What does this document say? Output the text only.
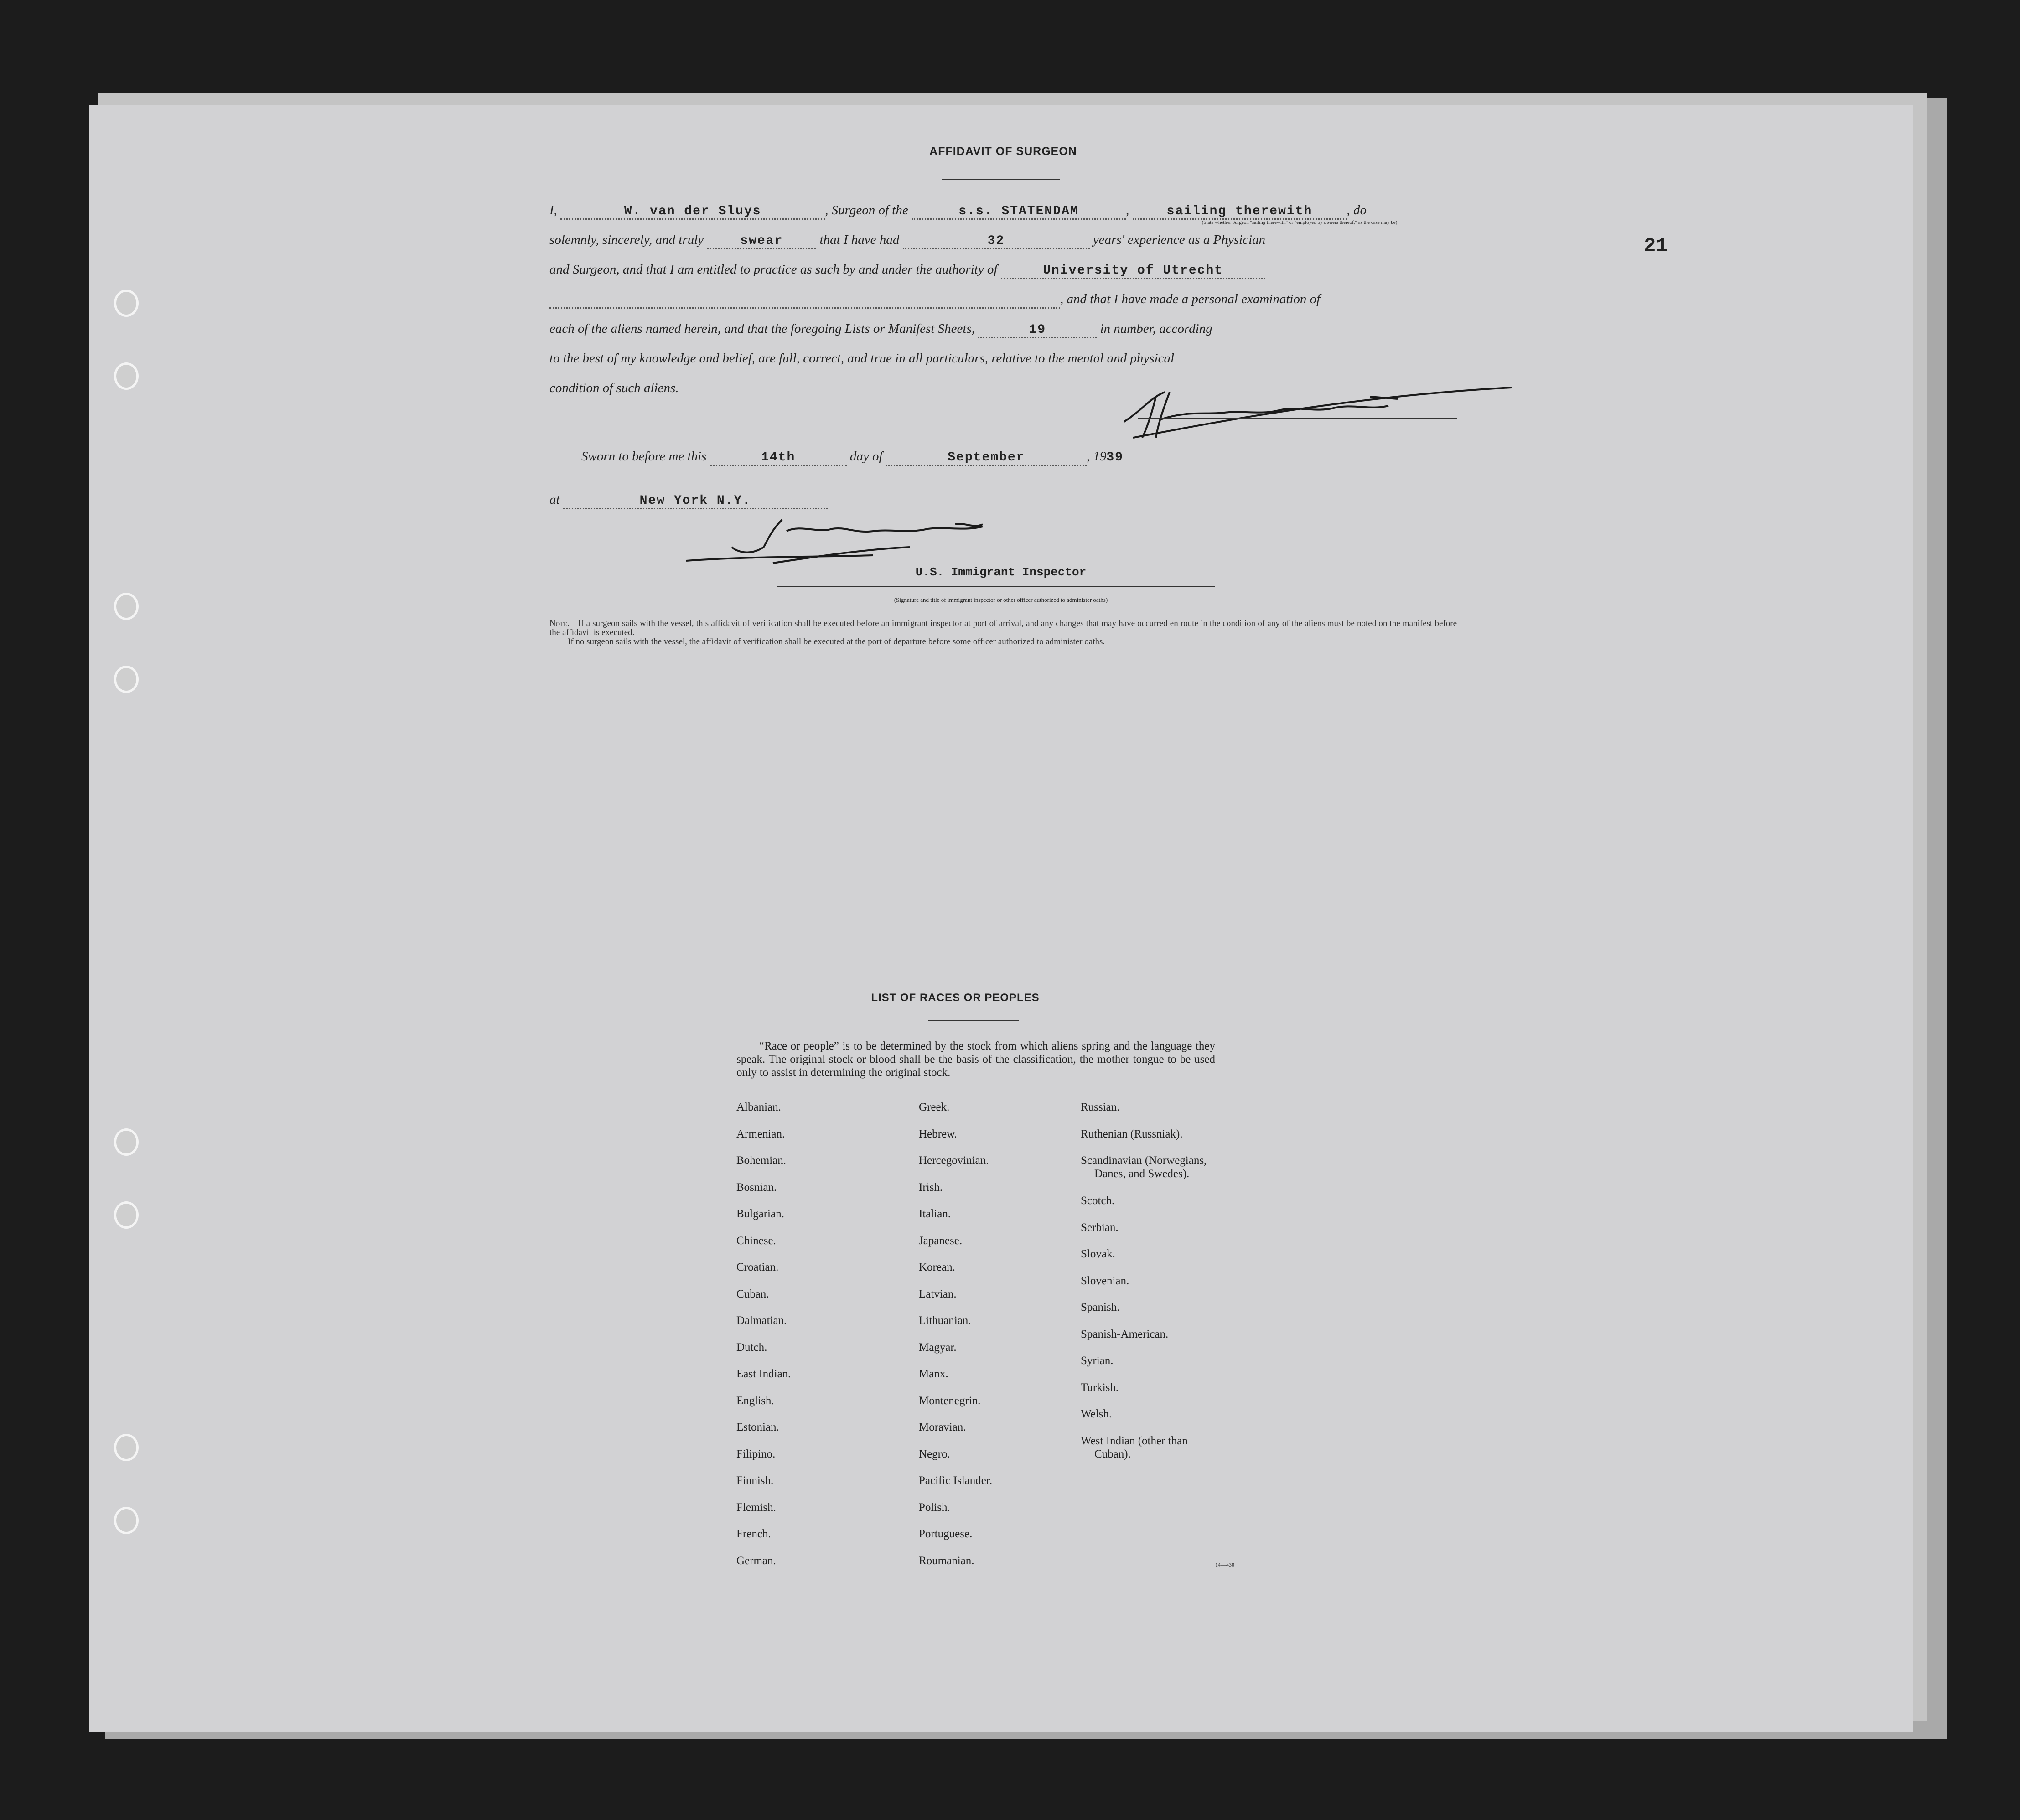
21
AFFIDAVIT OF SURGEON
I,	W. van der Sluys	, Surgeon of the	s.s. STATENDAM	,	sailing therewith	, do
(State whether Surgeon "sailing therewith" or "employed by owners thereof," as the case may be)
solemnly, sincerely, and truly	swear	that I have had	32	years' experience as a Physician
and Surgeon, and that I am entitled to practice as such by and under the authority of	University of Utrecht
, and that I have made a personal examination of
each of the aliens named herein, and that the foregoing Lists or Manifest Sheets,	19	in number, according
to the best of my knowledge and belief, are full, correct, and true in all particulars, relative to the mental and physical
condition of such aliens.
Sworn to before me this	14th	day of	September	, 1939
at	New York N.Y.
U.S. Immigrant Inspector
(Signature and title of immigrant inspector or other officer authorized to administer oaths)
Note.—If a surgeon sails with the vessel, this affidavit of verification shall be executed before an immigrant inspector at port of arrival, and any changes that may have occurred en route in the condition of any of the aliens must be noted on the manifest before the affidavit is executed.
If no surgeon sails with the vessel, the affidavit of verification shall be executed at the port of departure before some officer authorized to administer oaths.
LIST OF RACES OR PEOPLES
“Race or people” is to be determined by the stock from which aliens spring and the language they speak. The original stock or blood shall be the basis of the classification, the mother tongue to be used only to assist in determining the original stock.
Albanian.
Armenian.
Bohemian.
Bosnian.
Bulgarian.
Chinese.
Croatian.
Cuban.
Dalmatian.
Dutch.
East Indian.
English.
Estonian.
Filipino.
Finnish.
Flemish.
French.
German.
Greek.
Hebrew.
Hercegovinian.
Irish.
Italian.
Japanese.
Korean.
Latvian.
Lithuanian.
Magyar.
Manx.
Montenegrin.
Moravian.
Negro.
Pacific Islander.
Polish.
Portuguese.
Roumanian.
Russian.
Ruthenian (Russniak).
Scandinavian (Norwegians,
Danes, and Swedes).
Scotch.
Serbian.
Slovak.
Slovenian.
Spanish.
Spanish-American.
Syrian.
Turkish.
Welsh.
West Indian (other than
Cuban).
14—430
